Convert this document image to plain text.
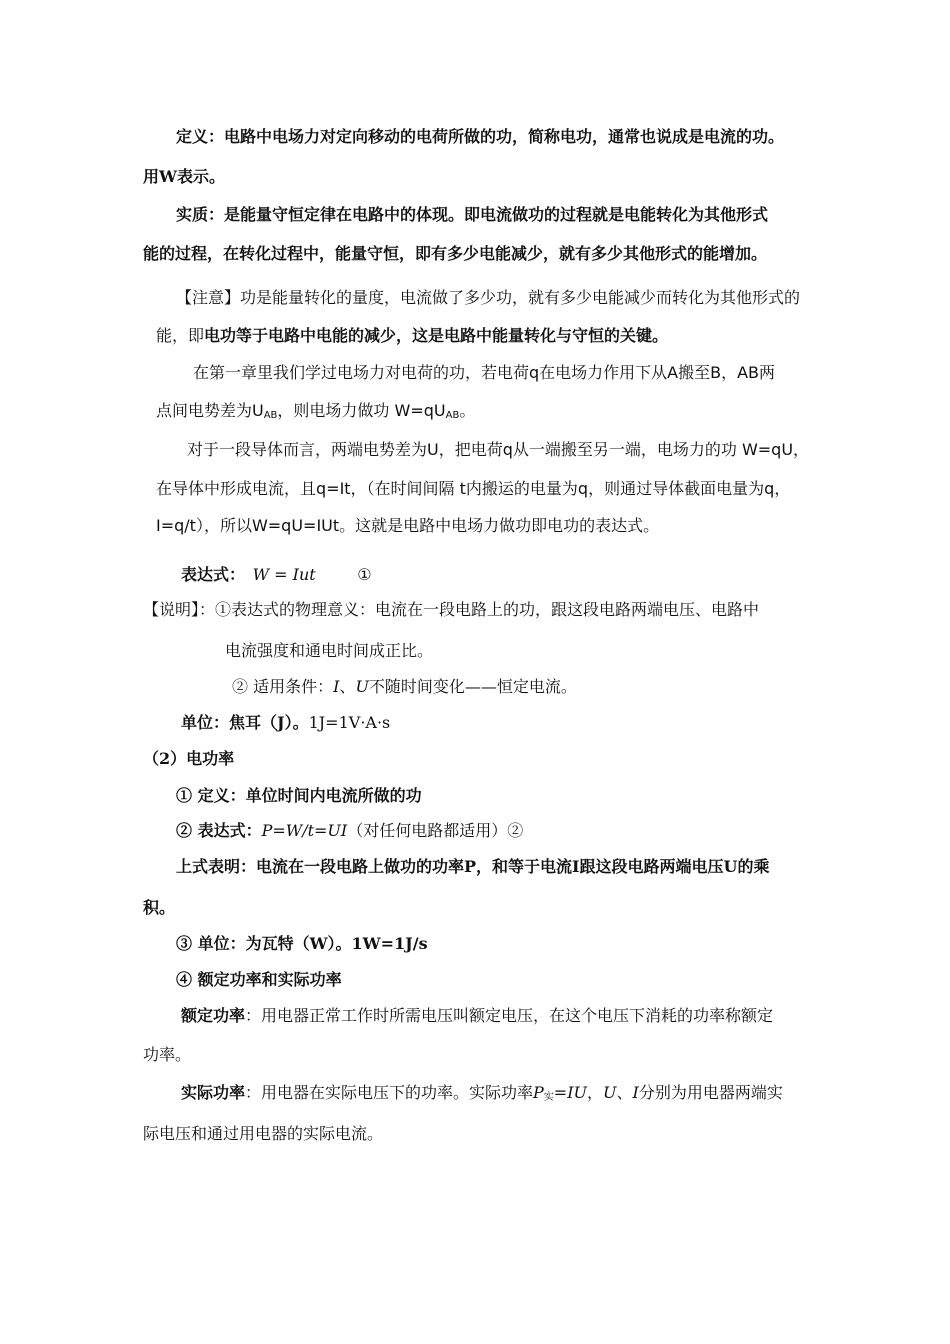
定义：电路中电场力对定向移动的电荷所做的功，简称电功，通常也说成是电流的功。
用W表示。
实质：是能量守恒定律在电路中的体现。即电流做功的过程就是电能转化为其他形式
能的过程，在转化过程中，能量守恒，即有多少电能减少，就有多少其他形式的能增加。
【注意】功是能量转化的量度，电流做了多少功，就有多少电能减少而转化为其他形式的
能，即电功等于电路中电能的减少，这是电路中能量转化与守恒的关键。
在第一章里我们学过电场力对电荷的功，若电荷q在电场力作用下从A搬至B，AB两
点间电势差为$U_{AB}$，则电场力做功 $W=qU_{AB}$。
对于一段导体而言，两端电势差为U，把电荷q从一端搬至另一端，电场力的功 W=qU，
在导体中形成电流，且q=It，（在时间间隔 t内搬运的电量为q，则通过导体截面电量为q，
I=q/t），所以W=qU=IUt。这就是电路中电场力做功即电功的表达式。
表达式： W = Iut	①
【说明】：①表达式的物理意义：电流在一段电路上的功，跟这段电路两端电压、电路中
电流强度和通电时间成正比。
② 适用条件：I、U不随时间变化——恒定电流。
单位：焦耳（J）。1J=1V·A·s
（2）电功率
① 定义：单位时间内电流所做的功
② 表达式：P=W/t=UI（对任何电路都适用）②
上式表明：电流在一段电路上做功的功率P，和等于电流I跟这段电路两端电压U的乘
积。
③ 单位：为瓦特（W）。1W=1J/s
④ 额定功率和实际功率
额定功率：用电器正常工作时所需电压叫额定电压，在这个电压下消耗的功率称额定
功率。
实际功率：用电器在实际电压下的功率。实际功率$P_实=IU$，U、I分别为用电器两端实
际电压和通过用电器的实际电流。
